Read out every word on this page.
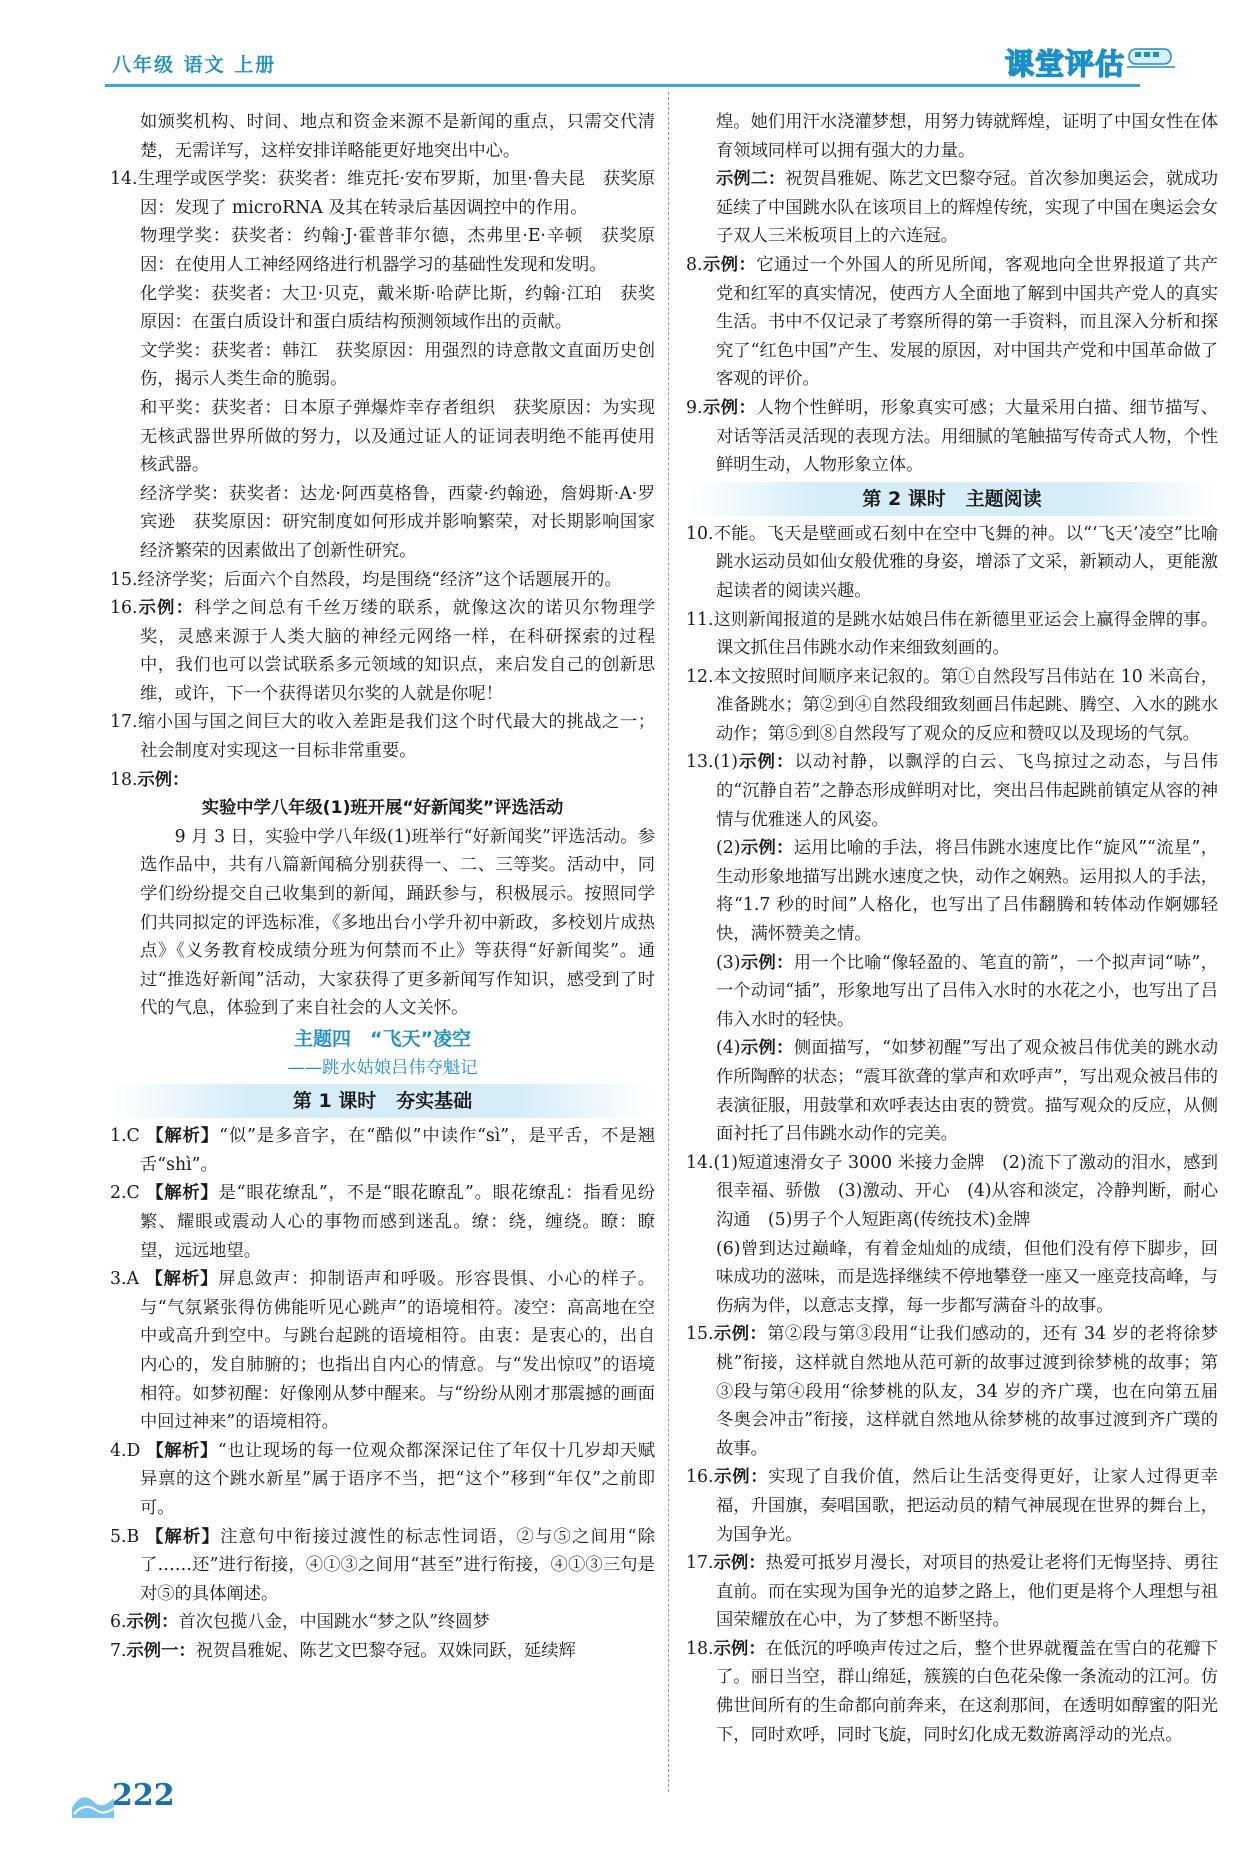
八年级 语文 上册	课堂评估

如颁奖机构、时间、地点和资金来源不是新闻的重点，只需交代清楚，无需详写，这样安排详略能更好地突出中心。

14.生理学或医学奖：获奖者：维克托·安布罗斯，加里·鲁夫昆　获奖原因：发现了 microRNA 及其在转录后基因调控中的作用。

物理学奖：获奖者：约翰·J·霍普菲尔德，杰弗里·E·辛顿　获奖原因：在使用人工神经网络进行机器学习的基础性发现和发明。

化学奖：获奖者：大卫·贝克，戴米斯·哈萨比斯，约翰·江珀　获奖原因：在蛋白质设计和蛋白质结构预测领域作出的贡献。

文学奖：获奖者：韩江　获奖原因：用强烈的诗意散文直面历史创伤，揭示人类生命的脆弱。

和平奖：获奖者：日本原子弹爆炸幸存者组织　获奖原因：为实现无核武器世界所做的努力，以及通过证人的证词表明绝不能再使用核武器。

经济学奖：获奖者：达龙·阿西莫格鲁，西蒙·约翰逊，詹姆斯·A·罗宾逊　获奖原因：研究制度如何形成并影响繁荣，对长期影响国家经济繁荣的因素做出了创新性研究。

15.经济学奖；后面六个自然段，均是围绕“经济”这个话题展开的。

16.示例：科学之间总有千丝万缕的联系，就像这次的诺贝尔物理学奖，灵感来源于人类大脑的神经元网络一样，在科研探索的过程中，我们也可以尝试联系多元领域的知识点，来启发自己的创新思维，或许，下一个获得诺贝尔奖的人就是你呢！

17.缩小国与国之间巨大的收入差距是我们这个时代最大的挑战之一；社会制度对实现这一目标非常重要。

18.示例：

实验中学八年级(1)班开展“好新闻奖”评选活动

9 月 3 日，实验中学八年级(1)班举行“好新闻奖”评选活动。参选作品中，共有八篇新闻稿分别获得一、二、三等奖。活动中，同学们纷纷提交自己收集到的新闻，踊跃参与，积极展示。按照同学们共同拟定的评选标准，《多地出台小学升初中新政，多校划片成热点》《义务教育校成绩分班为何禁而不止》等获得“好新闻奖”。通过“推选好新闻”活动，大家获得了更多新闻写作知识，感受到了时代的气息，体验到了来自社会的人文关怀。

主题四　“飞天”凌空

——跳水姑娘吕伟夺魁记

第 1 课时 夯实基础

1.C 【解析】“似”是多音字，在“酷似”中读作“sì”，是平舌，不是翘舌“shì”。

2.C 【解析】是“眼花缭乱”，不是“眼花瞭乱”。眼花缭乱：指看见纷繁、耀眼或震动人心的事物而感到迷乱。缭：绕，缠绕。瞭：瞭望，远远地望。

3.A 【解析】屏息敛声：抑制语声和呼吸。形容畏惧、小心的样子。与“气氛紧张得仿佛能听见心跳声”的语境相符。凌空：高高地在空中或高升到空中。与跳台起跳的语境相符。由衷：是衷心的，出自内心的，发自肺腑的；也指出自内心的情意。与“发出惊叹”的语境相符。如梦初醒：好像刚从梦中醒来。与“纷纷从刚才那震撼的画面中回过神来”的语境相符。

4.D 【解析】“也让现场的每一位观众都深深记住了年仅十几岁却天赋异禀的这个跳水新星”属于语序不当，把“这个”移到“年仅”之前即可。

5.B 【解析】注意句中衔接过渡性的标志性词语，②与⑤之间用“除了……还”进行衔接，④①③之间用“甚至”进行衔接，④①③三句是对⑤的具体阐述。

6.示例：首次包揽八金，中国跳水“梦之队”终圆梦

7.示例一：祝贺昌雅妮、陈艺文巴黎夺冠。双姝同跃，延续辉

煌。她们用汗水浇灌梦想，用努力铸就辉煌，证明了中国女性在体育领域同样可以拥有强大的力量。

示例二：祝贺昌雅妮、陈艺文巴黎夺冠。首次参加奥运会，就成功延续了中国跳水队在该项目上的辉煌传统，实现了中国在奥运会女子双人三米板项目上的六连冠。

8.示例：它通过一个外国人的所见所闻，客观地向全世界报道了共产党和红军的真实情况，使西方人全面地了解到中国共产党人的真实生活。书中不仅记录了考察所得的第一手资料，而且深入分析和探究了“红色中国”产生、发展的原因，对中国共产党和中国革命做了客观的评价。

9.示例：人物个性鲜明，形象真实可感；大量采用白描、细节描写、对话等活灵活现的表现方法。用细腻的笔触描写传奇式人物，个性鲜明生动，人物形象立体。

第 2 课时 主题阅读

10.不能。飞天是壁画或石刻中在空中飞舞的神。以“‘飞天’凌空”比喻跳水运动员如仙女般优雅的身姿，增添了文采，新颖动人，更能激起读者的阅读兴趣。

11.这则新闻报道的是跳水姑娘吕伟在新德里亚运会上赢得金牌的事。课文抓住吕伟跳水动作来细致刻画的。

12.本文按照时间顺序来记叙的。第①自然段写吕伟站在 10 米高台，准备跳水；第②到④自然段细致刻画吕伟起跳、腾空、入水的跳水动作；第⑤到⑧自然段写了观众的反应和赞叹以及现场的气氛。

13.(1)示例：以动衬静，以飘浮的白云、飞鸟掠过之动态，与吕伟的“沉静自若”之静态形成鲜明对比，突出吕伟起跳前镇定从容的神情与优雅迷人的风姿。

(2)示例：运用比喻的手法，将吕伟跳水速度比作“旋风”“流星”，生动形象地描写出跳水速度之快，动作之娴熟。运用拟人的手法，将“1.7 秒的时间”人格化，也写出了吕伟翻腾和转体动作婀娜轻快，满怀赞美之情。

(3)示例：用一个比喻“像轻盈的、笔直的箭”，一个拟声词“哧”，一个动词“插”，形象地写出了吕伟入水时的水花之小，也写出了吕伟入水时的轻快。

(4)示例：侧面描写，“如梦初醒”写出了观众被吕伟优美的跳水动作所陶醉的状态；“震耳欲聋的掌声和欢呼声”，写出观众被吕伟的表演征服，用鼓掌和欢呼表达由衷的赞赏。描写观众的反应，从侧面衬托了吕伟跳水动作的完美。

14.(1)短道速滑女子 3000 米接力金牌　(2)流下了激动的泪水，感到很幸福、骄傲　(3)激动、开心　(4)从容和淡定，冷静判断，耐心沟通　(5)男子个人短距离(传统技术)金牌

(6)曾到达过巅峰，有着金灿灿的成绩，但他们没有停下脚步，回味成功的滋味，而是选择继续不停地攀登一座又一座竞技高峰，与伤病为伴，以意志支撑，每一步都写满奋斗的故事。

15.示例：第②段与第③段用“让我们感动的，还有 34 岁的老将徐梦桃”衔接，这样就自然地从范可新的故事过渡到徐梦桃的故事；第③段与第④段用“徐梦桃的队友，34 岁的齐广璞，也在向第五届冬奥会冲击”衔接，这样就自然地从徐梦桃的故事过渡到齐广璞的故事。

16.示例：实现了自我价值，然后让生活变得更好，让家人过得更幸福，升国旗，奏唱国歌，把运动员的精气神展现在世界的舞台上，为国争光。

17.示例：热爱可抵岁月漫长，对项目的热爱让老将们无悔坚持、勇往直前。而在实现为国争光的追梦之路上，他们更是将个人理想与祖国荣耀放在心中，为了梦想不断坚持。

18.示例：在低沉的呼唤声传过之后，整个世界就覆盖在雪白的花瓣下了。丽日当空，群山绵延，簇簇的白色花朵像一条流动的江河。仿佛世间所有的生命都向前奔来，在这刹那间，在透明如醇蜜的阳光下，同时欢呼，同时飞旋，同时幻化成无数游离浮动的光点。

222
